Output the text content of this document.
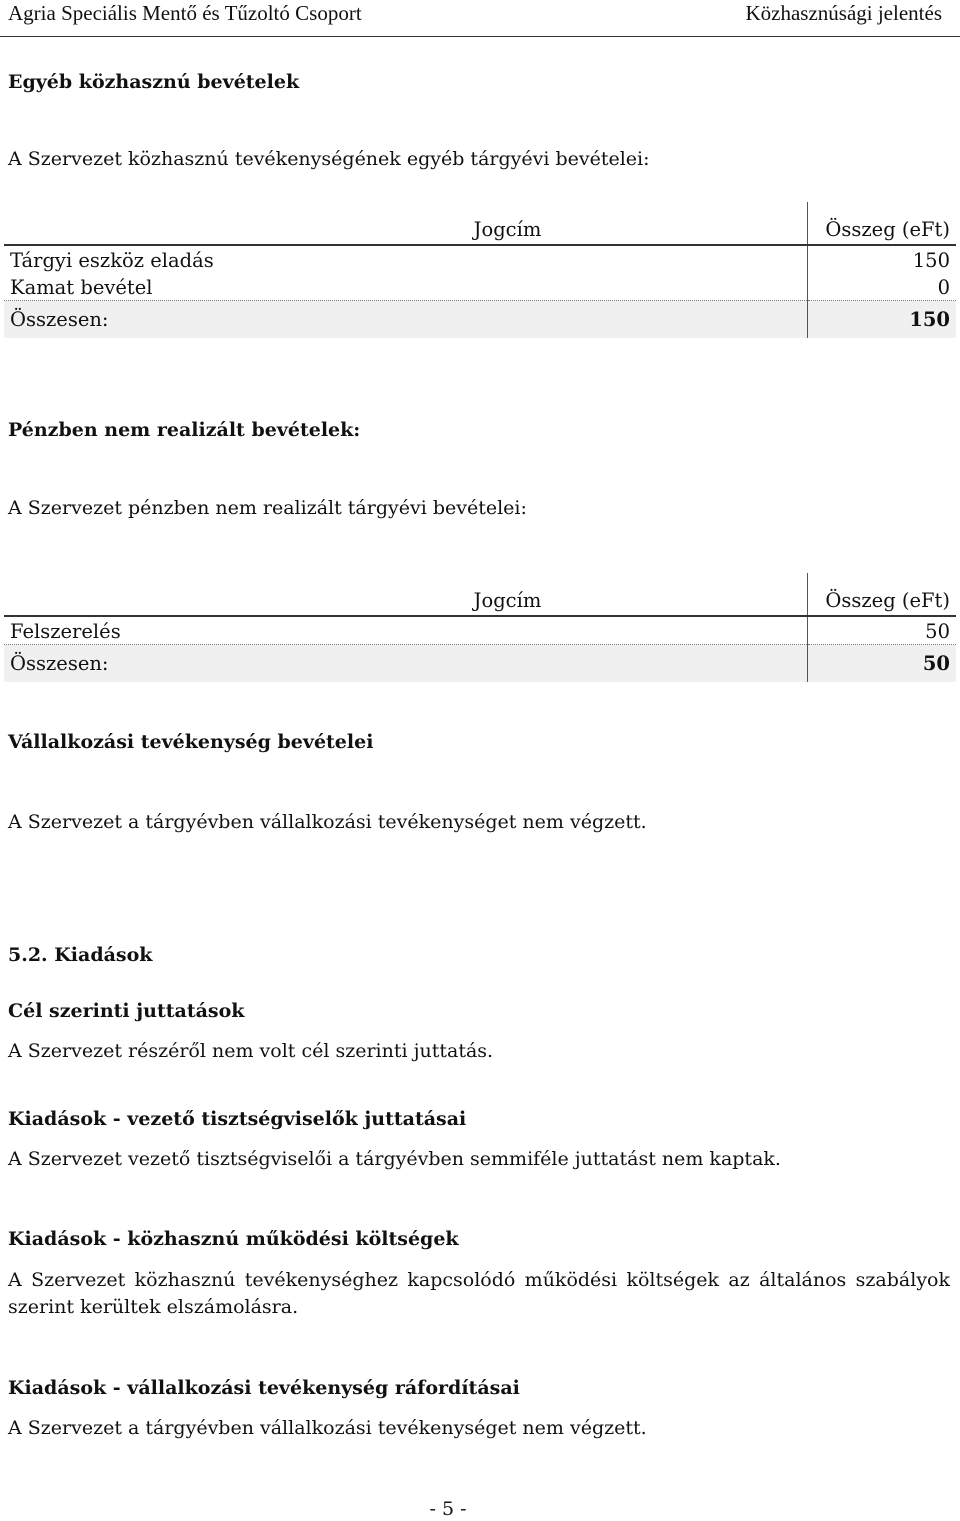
Agria Speciális Mentő és Tűzoltó Csoport	Közhasznúsági jelentés
Egyéb közhasznú bevételek
A Szervezet közhasznú tevékenységének egyéb tárgyévi bevételei:
Jogcím	Összeg (eFt)
Tárgyi eszköz eladás	150
Kamat bevétel	0
Összesen:	150
Pénzben nem realizált bevételek:
A Szervezet pénzben nem realizált tárgyévi bevételei:
Jogcím	Összeg (eFt)
Felszerelés	50
Összesen:	50
Vállalkozási tevékenység bevételei
A Szervezet a tárgyévben vállalkozási tevékenységet nem végzett.
5.2. Kiadások
Cél szerinti juttatások
A Szervezet részéről nem volt cél szerinti juttatás.
Kiadások - vezető tisztségviselők juttatásai
A Szervezet vezető tisztségviselői a tárgyévben semmiféle juttatást nem kaptak.
Kiadások - közhasznú működési költségek
A Szervezet közhasznú tevékenységhez kapcsolódó működési költségek az általános szabályok szerint kerültek elszámolásra.
Kiadások - vállalkozási tevékenység ráfordításai
A Szervezet a tárgyévben vállalkozási tevékenységet nem végzett.
- 5 -
